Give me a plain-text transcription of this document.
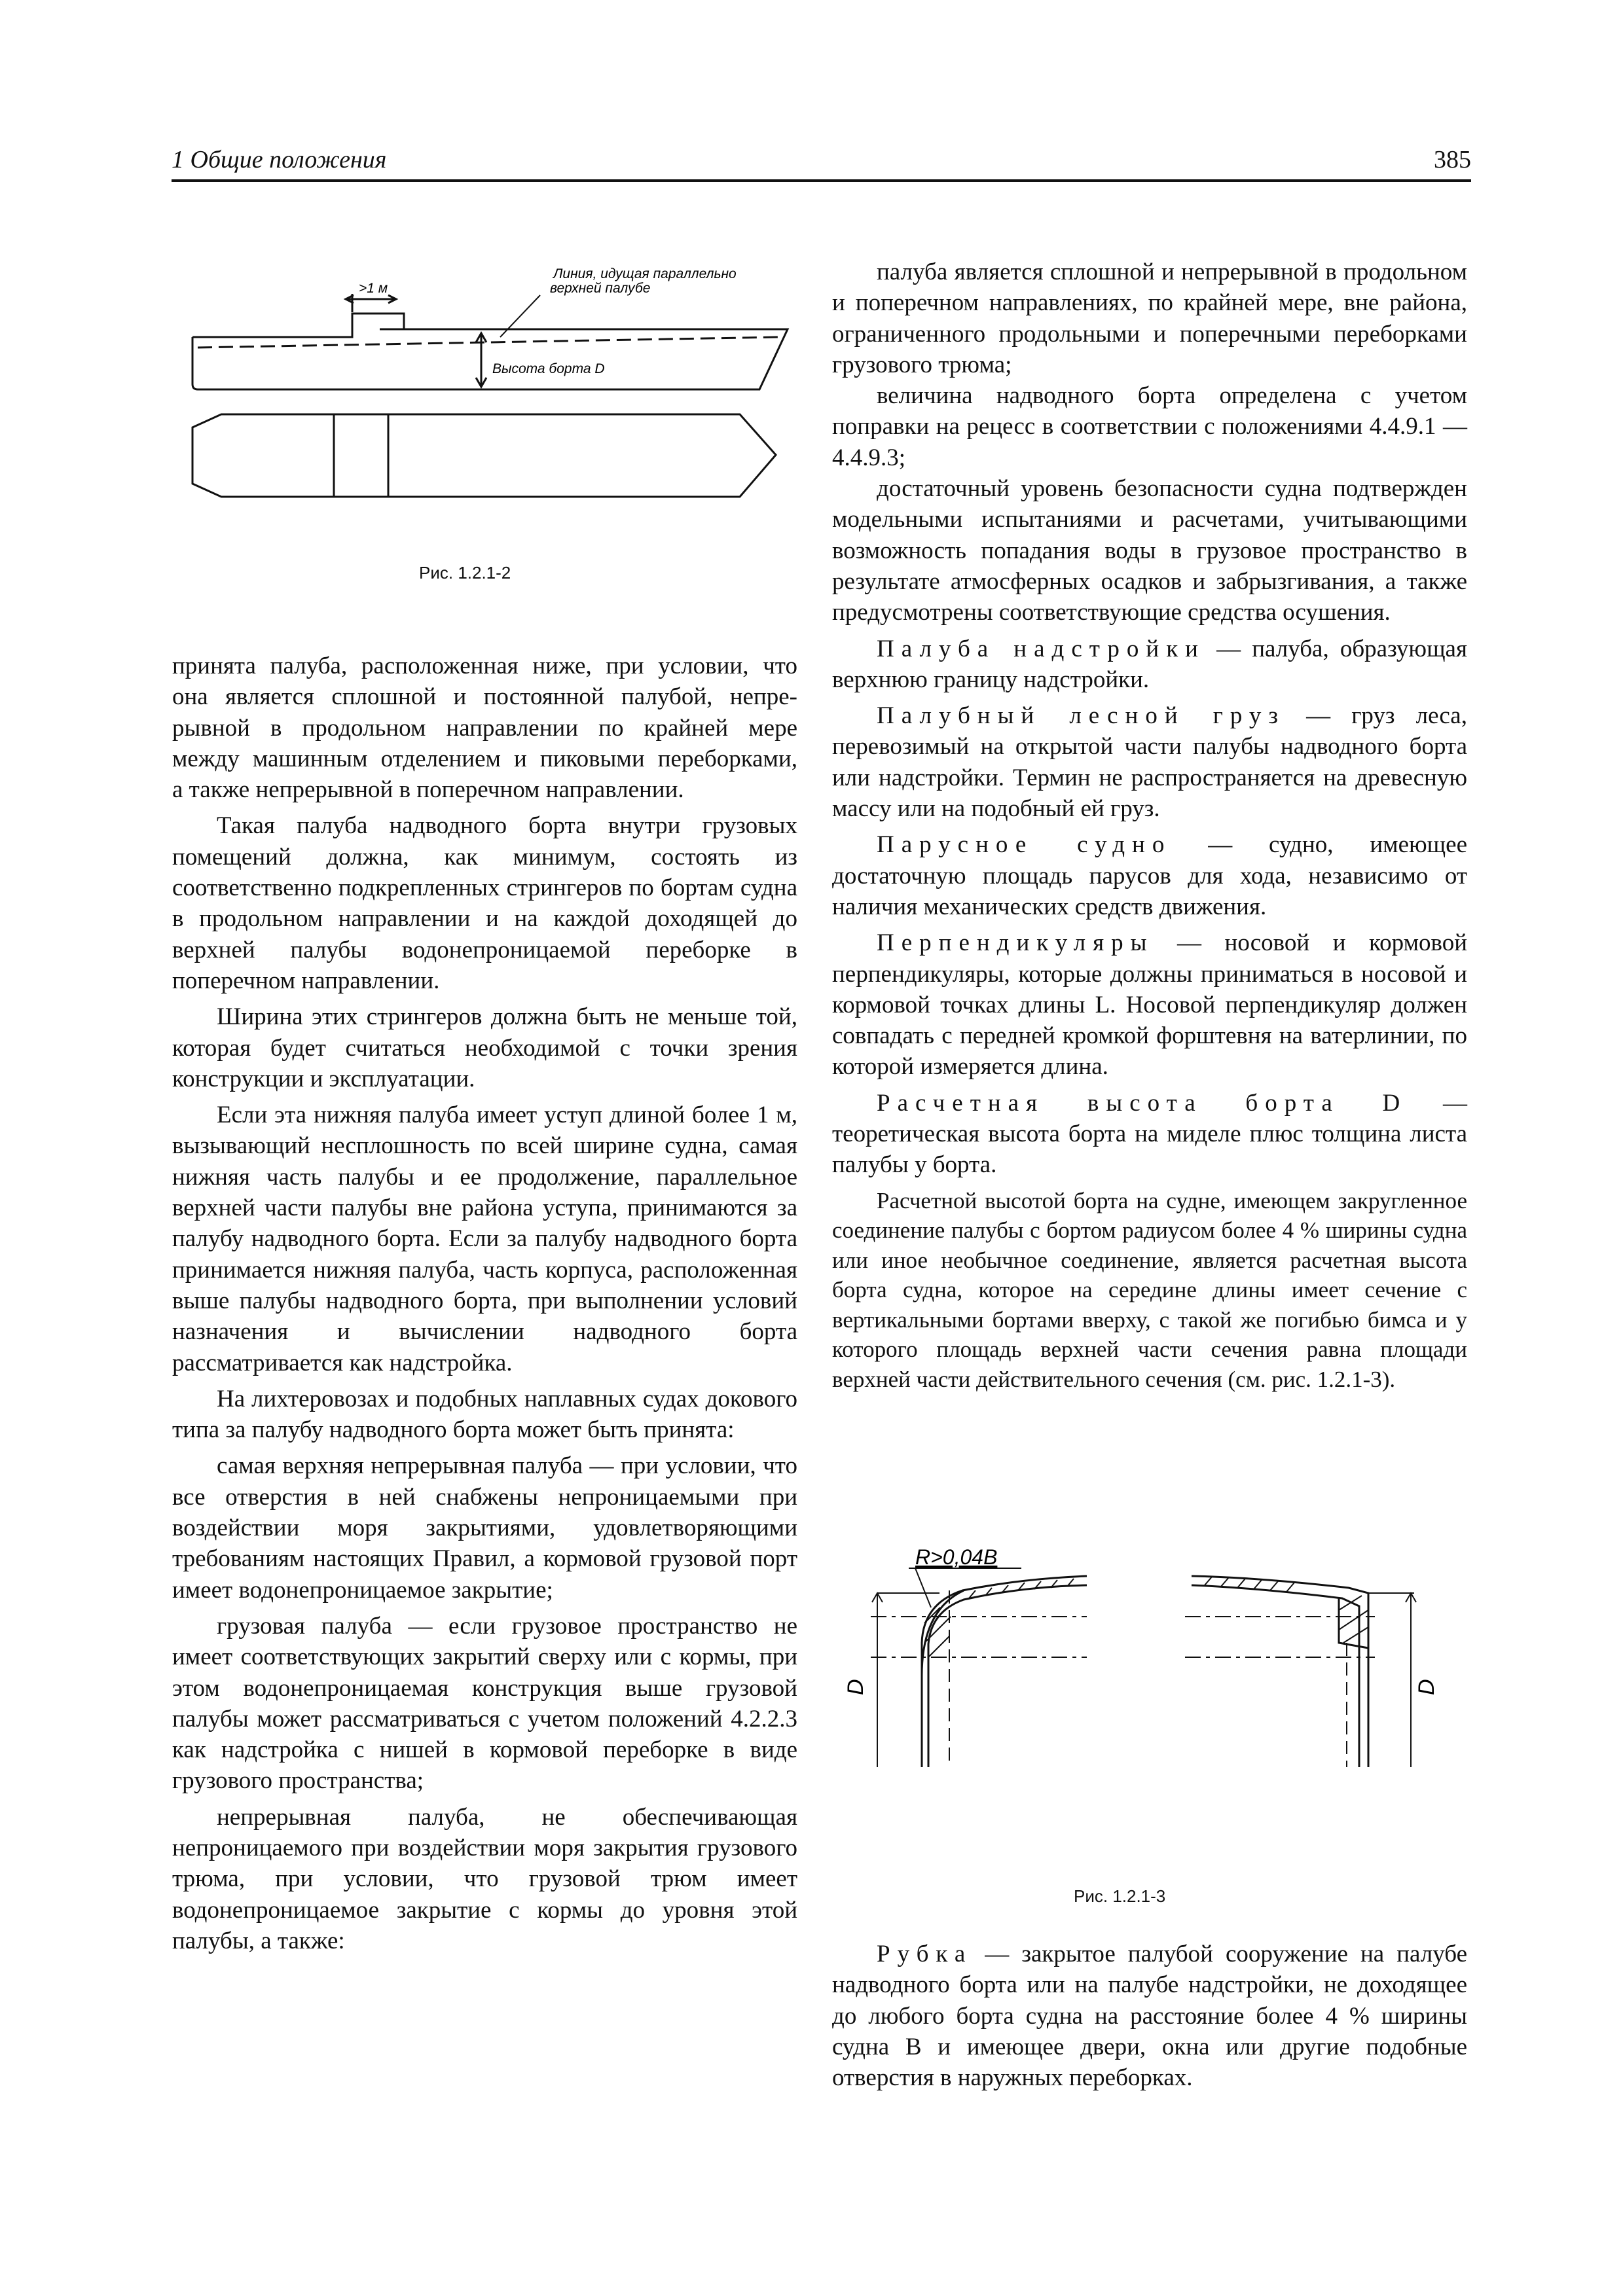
1 Общие положения	385
Линия, идущая параллельно
верхней палубе
>1 м
Высота борта D
Рис. 1.2.1-2

принята палуба, расположенная ниже, при условии, что

она является сплошной и постоянной палубой, непре-

рывной в продольном направлении по крайней мере

между машинным отделением и пиковыми переборками,

а также непрерывной в поперечном направлении.

Такая палуба надводного борта внутри грузовых помещений должна, как минимум, состоять из соответственно подкрепленных стрингеров по бортам судна в продольном направлении и на каждой доходящей до верхней палубы водонепроницаемой переборке в поперечном направлении.

Ширина этих стрингеров должна быть не меньше той, которая будет считаться необходимой с точки зрения конструкции и эксплуатации.

Если эта нижняя палуба имеет уступ длиной более 1 м, вызывающий несплошность по всей ширине судна, самая нижняя часть палубы и ее продолжение, параллельное верхней части палубы вне района уступа, принимаются за палубу надводного борта. Если за палубу надводного борта принимается нижняя палуба, часть корпуса, расположенная выше палубы надводного борта, при выполнении условий назначения и вычислении надводного борта рассматривается как надстройка.

На лихтеровозах и подобных наплавных судах докового типа за палубу надводного борта может быть принята:

самая верхняя непрерывная палуба — при условии, что все отверстия в ней снабжены непроницаемыми при воздействии моря закрытиями, удовлетворяющими требованиям настоящих Правил, а кормовой грузовой порт имеет водонепроницаемое закрытие;

грузовая палуба — если грузовое пространство не имеет соответствующих закрытий сверху или с кормы, при этом водонепроницаемая конструкция выше грузовой палубы может рассматриваться с учетом положений 4.2.2.3 как надстройка с нишей в кормовой переборке в виде грузового пространства;

непрерывная палуба, не обеспечивающая непроницаемого при воздействии моря закрытия грузового трюма, при условии, что грузовой трюм имеет водонепроницаемое закрытие с кормы до уровня этой палубы, а также:

палуба является сплошной и непрерывной в продольном и поперечном направлениях, по крайней мере, вне района, ограниченного продольными и поперечными переборками грузового трюма;

величина надводного борта определена с учетом поправки на рецесс в соответствии с положениями 4.4.9.1 — 4.4.9.3;

достаточный уровень безопасности судна подтвержден модельными испытаниями и расчетами, учитывающими возможность попадания воды в грузовое пространство в результате атмосферных осадков и забрызгивания, а также предусмотрены соответствующие средства осушения.

Палуба надстройки — палуба, образующая верхнюю границу надстройки.

Палубный лесной груз — груз леса, перевозимый на открытой части палубы надводного борта или надстройки. Термин не распространяется на древесную массу или на подобный ей груз.

Парусное судно — судно, имеющее достаточную площадь парусов для хода, независимо от наличия механических средств движения.

Перпендикуляры — носовой и кормовой перпендикуляры, которые должны приниматься в носовой и кормовой точках длины L. Носовой перпендикуляр должен совпадать с передней кромкой форштевня на ватерлинии, по которой измеряется длина.

Расчетная высота борта D — теоретическая высота борта на миделе плюс толщина листа палубы у борта.

Расчетной высотой борта на судне, имеющем закругленное соединение палубы с бортом радиусом более 4 % ширины судна или иное необычное соединение, является расчетная высота борта судна, которое на середине длины имеет сечение с вертикальными бортами вверху, с такой же погибью бимса и у которого площадь верхней части сечения равна площади верхней части действительного сечения (см. рис. 1.2.1-3).

R>0,04B
D	D
Рис. 1.2.1-3

Рубка — закрытое палубой сооружение на палубе надводного борта или на палубе надстройки, не доходящее до любого борта судна на расстояние более 4 % ширины судна B и имеющее двери, окна или другие подобные отверстия в наружных переборках.
